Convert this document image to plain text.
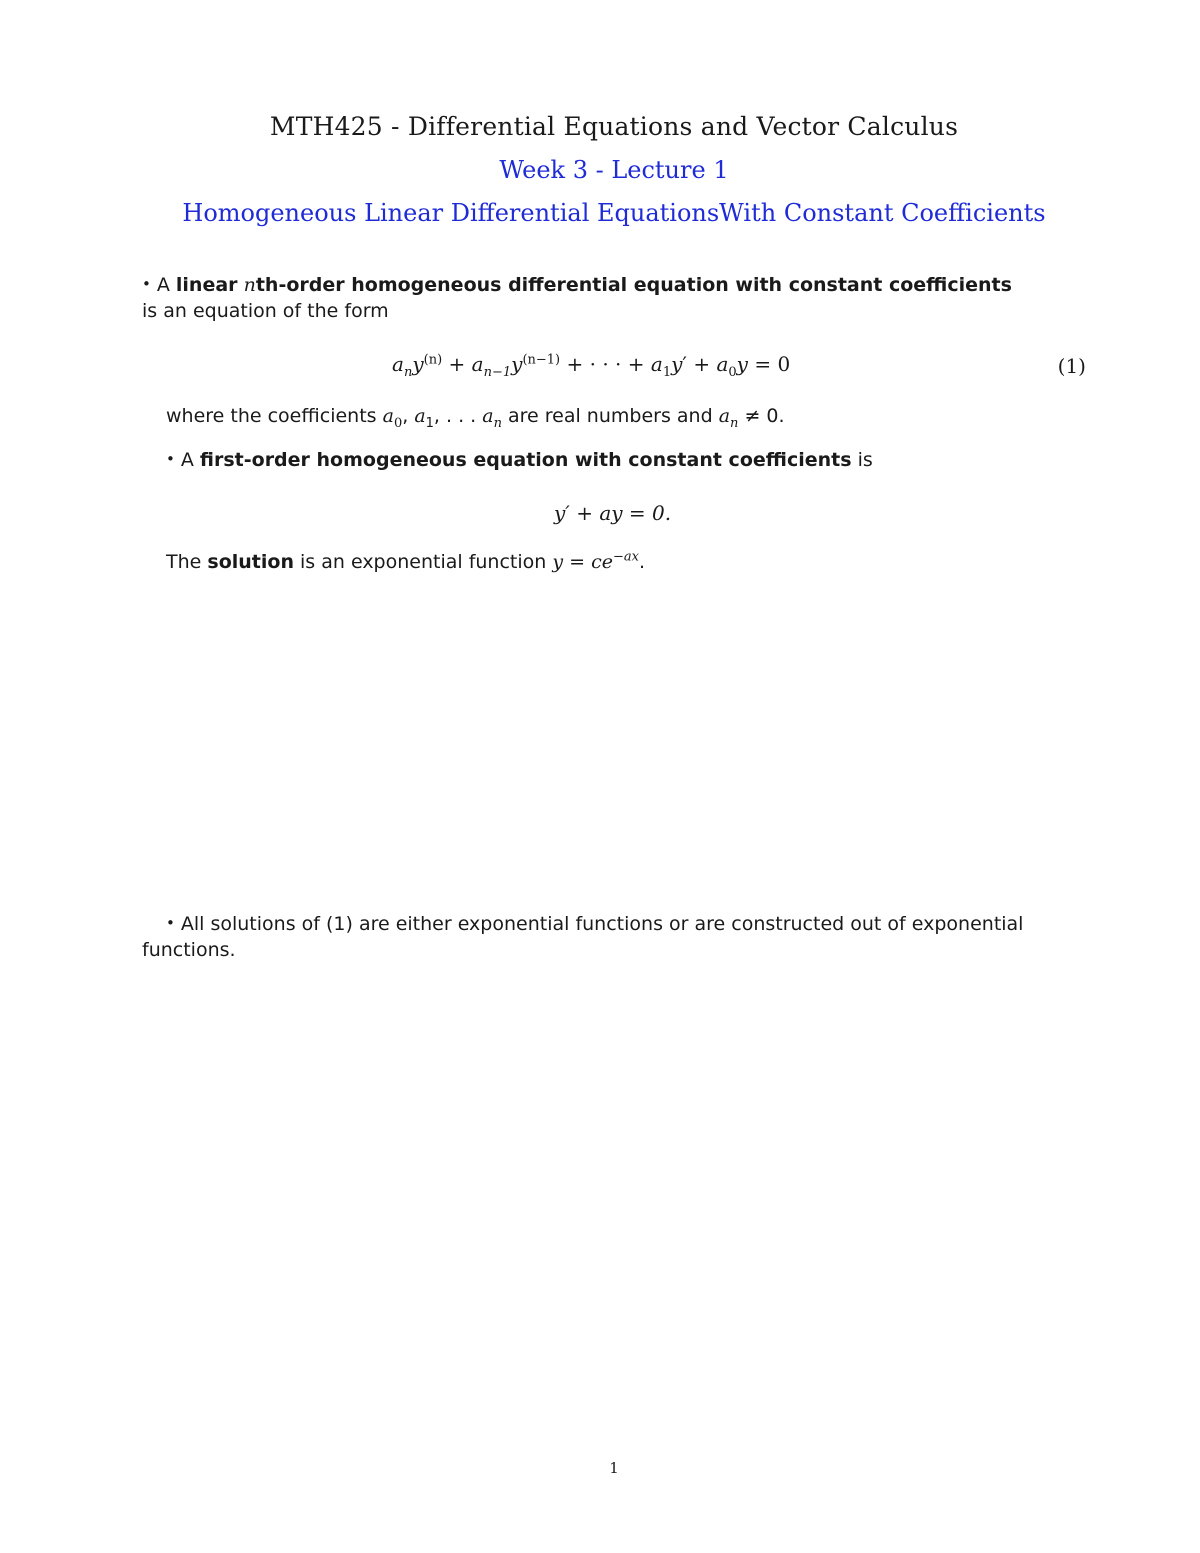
MTH425 - Differential Equations and Vector Calculus
Week 3 - Lecture 1
Homogeneous Linear Differential EquationsWith Constant Coefficients
• A linear nth-order homogeneous differential equation with constant coefficients
is an equation of the form
$a_ny^{(n)} + a_{n-1}y^{(n-1)}$ + · · · + $a_1y' + a_0y = 0$	(1)
where the coefficients $a_0$, $a_1$, . . . $a_n$ are real numbers and $a_n \ne 0$.
• A first-order homogeneous equation with constant coefficients is
y′ + ay = 0.
The solution is an exponential function $y = ce^{-ax}$.
• All solutions of (1) are either exponential functions or are constructed out of exponential
functions.
1
